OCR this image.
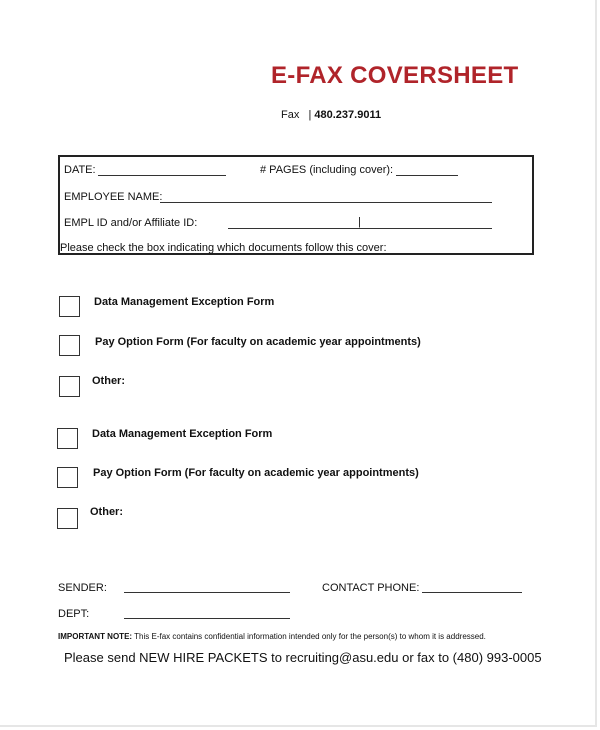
E-FAX COVERSHEET
Fax | 480.237.9011
DATE:	# PAGES (including cover):
EMPLOYEE NAME:
EMPL ID and/or Affiliate ID:	|
Please check the box indicating which documents follow this cover:
Data Management Exception Form
Pay Option Form (For faculty on academic year appointments)
Other:
Data Management Exception Form
Pay Option Form (For faculty on academic year appointments)
Other:
SENDER:	CONTACT PHONE:
DEPT:
IMPORTANT NOTE: This E-fax contains confidential information intended only for the person(s) to whom it is addressed.
Please send NEW HIRE PACKETS to recruiting@asu.edu or fax to (480) 993-0005
